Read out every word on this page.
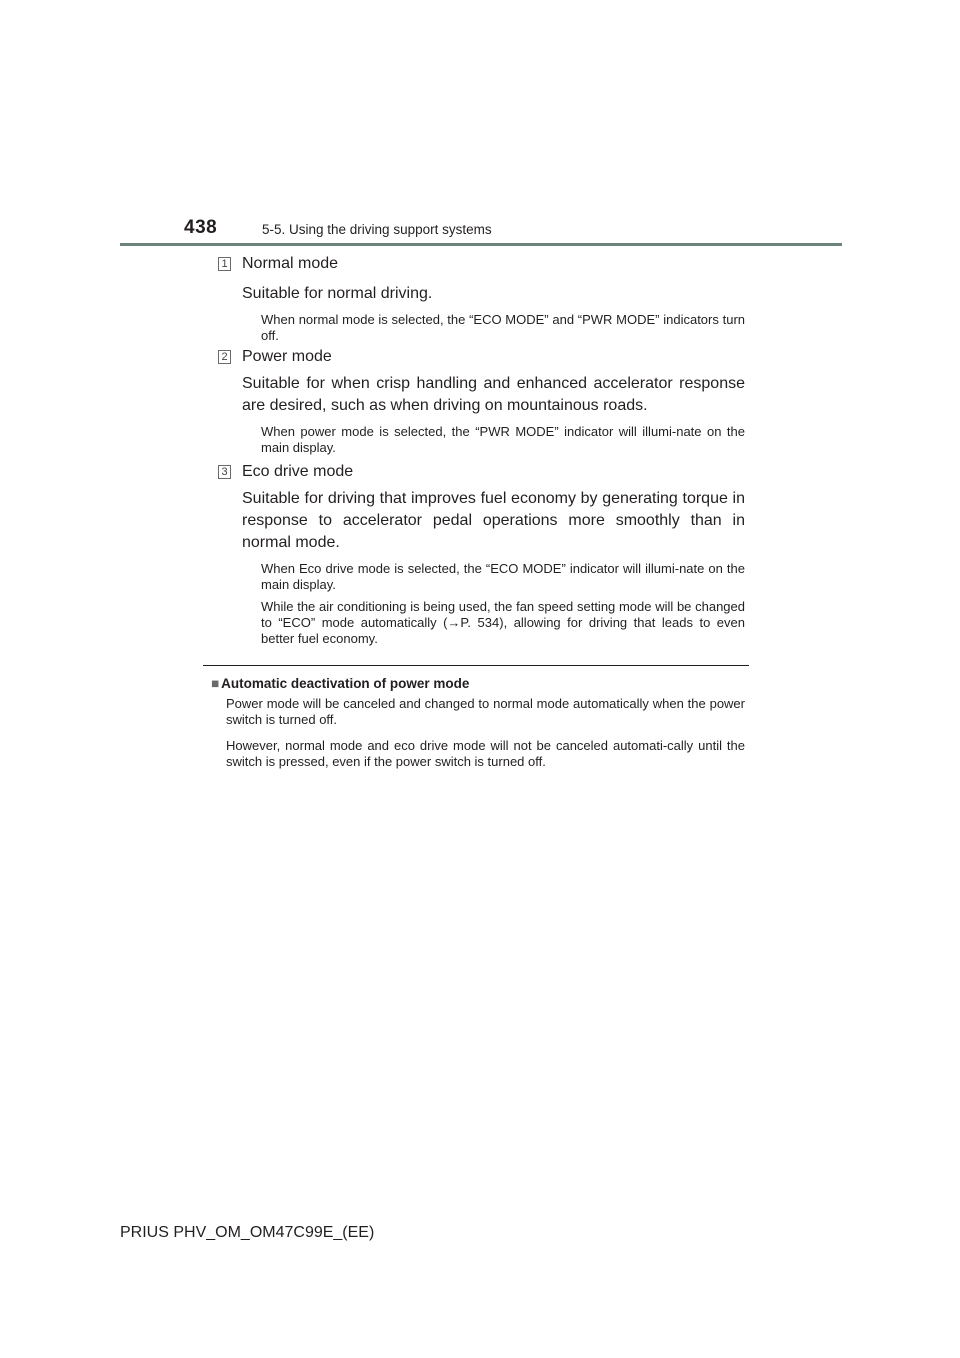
438	5-5. Using the driving support systems
1 Normal mode
Suitable for normal driving.
When normal mode is selected, the “ECO MODE” and “PWR MODE” indicators turn off.
2 Power mode
Suitable for when crisp handling and enhanced accelerator response are desired, such as when driving on mountainous roads.
When power mode is selected, the “PWR MODE” indicator will illumi-nate on the main display.
3 Eco drive mode
Suitable for driving that improves fuel economy by generating torque in response to accelerator pedal operations more smoothly than in normal mode.
When Eco drive mode is selected, the “ECO MODE” indicator will illumi-nate on the main display.
While the air conditioning is being used, the fan speed setting mode will be changed to “ECO” mode automatically (→P. 534), allowing for driving that leads to even better fuel economy.
■ Automatic deactivation of power mode
Power mode will be canceled and changed to normal mode automatically when the power switch is turned off.
However, normal mode and eco drive mode will not be canceled automati-cally until the switch is pressed, even if the power switch is turned off.
PRIUS PHV_OM_OM47C99E_(EE)
